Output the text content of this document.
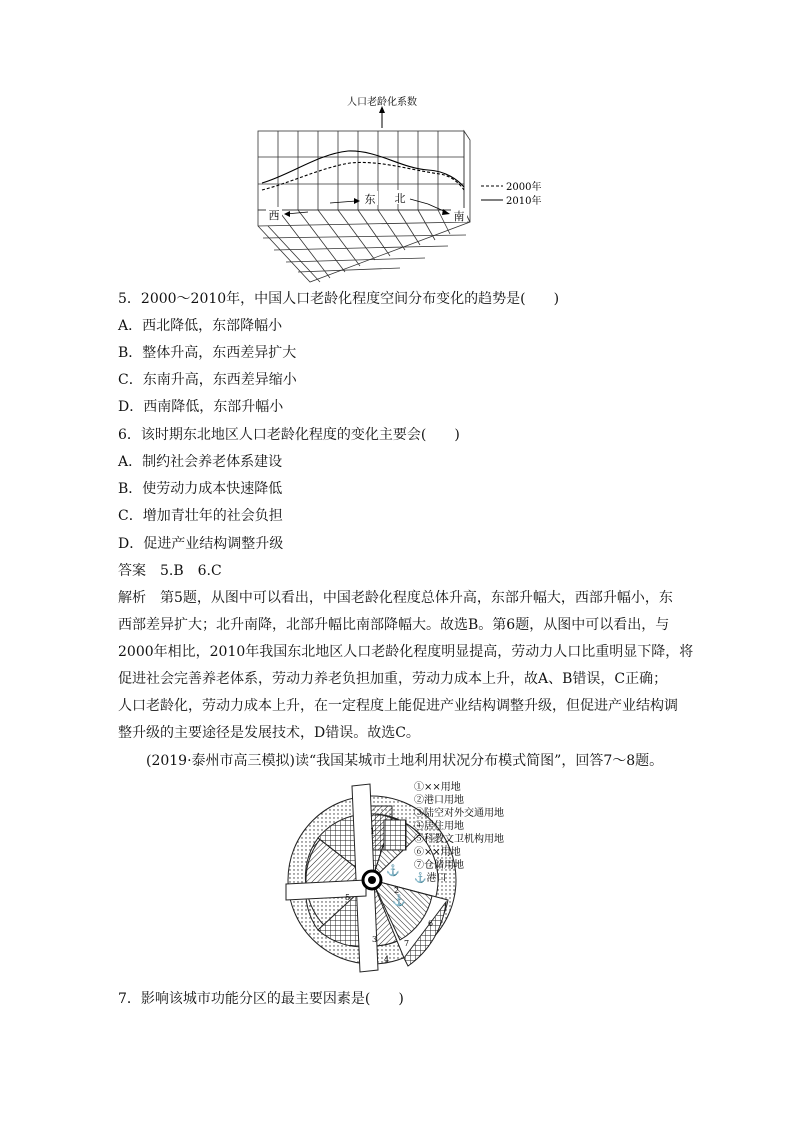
人口老龄化系数
西
东 北
南
2000年
2010年
5．2000～2010年，中国人口老龄化程度空间分布变化的趋势是(　　)
A．西北降低，东部降幅小
B．整体升高，东西差异扩大
C．东南升高，东西差异缩小
D．西南降低，东部升幅小
6．该时期东北地区人口老龄化程度的变化主要会(　　)
A．制约社会养老体系建设
B．使劳动力成本快速降低
C．增加青壮年的社会负担
D．促进产业结构调整升级
答案　5.B　6.C
解析　第5题，从图中可以看出，中国老龄化程度总体升高，东部升幅大，西部升幅小，东
西部差异扩大；北升南降，北部升幅比南部降幅大。故选B。第6题，从图中可以看出，与
2000年相比，2010年我国东北地区人口老龄化程度明显提高，劳动力人口比重明显下降，将
促进社会完善养老体系，劳动力养老负担加重，劳动力成本上升，故A、B错误，C正确；
人口老龄化，劳动力成本上升，在一定程度上能促进产业结构调整升级，但促进产业结构调
整升级的主要途径是发展技术，D错误。故选C。
(2019·泰州市高三模拟)读“我国某城市土地利用状况分布模式简图”，回答7～8题。
⚓
⚓
1
2
3
4
5
6
7
①××用地
②港口用地
③陆空对外交通用地
④居住用地
⑤科教文卫机构用地
⑥××用地
⑦仓储用地
⚓港口
7．影响该城市功能分区的最主要因素是(　　)
